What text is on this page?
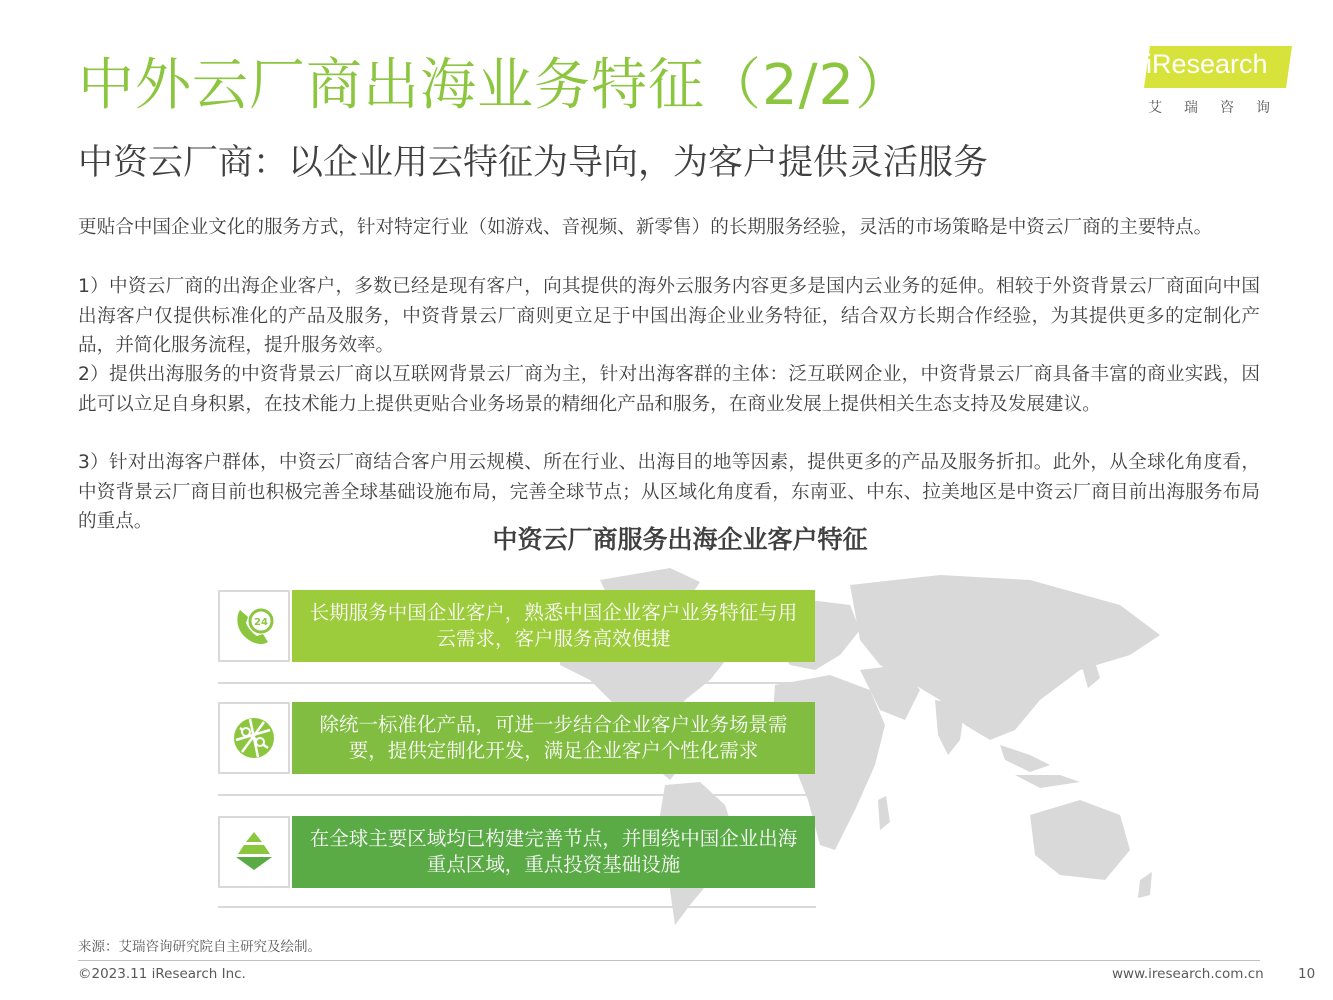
中外云厂商出海业务特征（2/2）
中资云厂商：以企业用云特征为导向，为客户提供灵活服务
iResearch
艾瑞咨询

更贴合中国企业文化的服务方式，针对特定行业（如游戏、音视频、新零售）的长期服务经验，灵活的市场策略是中资云厂商的主要特点。

1）中资云厂商的出海企业客户，多数已经是现有客户，向其提供的海外云服务内容更多是国内云业务的延伸。相较于外资背景云厂商面向中国出海客户仅提供标准化的产品及服务，中资背景云厂商则更立足于中国出海企业业务特征，结合双方长期合作经验，为其提供更多的定制化产品，并简化服务流程，提升服务效率。

2）提供出海服务的中资背景云厂商以互联网背景云厂商为主，针对出海客群的主体：泛互联网企业，中资背景云厂商具备丰富的商业实践，因此可以立足自身积累，在技术能力上提供更贴合业务场景的精细化产品和服务，在商业发展上提供相关生态支持及发展建议。

3）针对出海客户群体，中资云厂商结合客户用云规模、所在行业、出海目的地等因素，提供更多的产品及服务折扣。此外，从全球化角度看，中资背景云厂商目前也积极完善全球基础设施布局，完善全球节点；从区域化角度看，东南亚、中东、拉美地区是中资云厂商目前出海服务布局的重点。

中资云厂商服务出海企业客户特征
24 长期服务中国企业客户，熟悉中国企业客户业务特征与用云需求，客户服务高效便捷
除统一标准化产品，可进一步结合企业客户业务场景需要，提供定制化开发，满足企业客户个性化需求
在全球主要区域均已构建完善节点，并围绕中国企业出海重点区域，重点投资基础设施
来源：艾瑞咨询研究院自主研究及绘制。
©2023.11 iResearch Inc.	www.iresearch.com.cn	10
